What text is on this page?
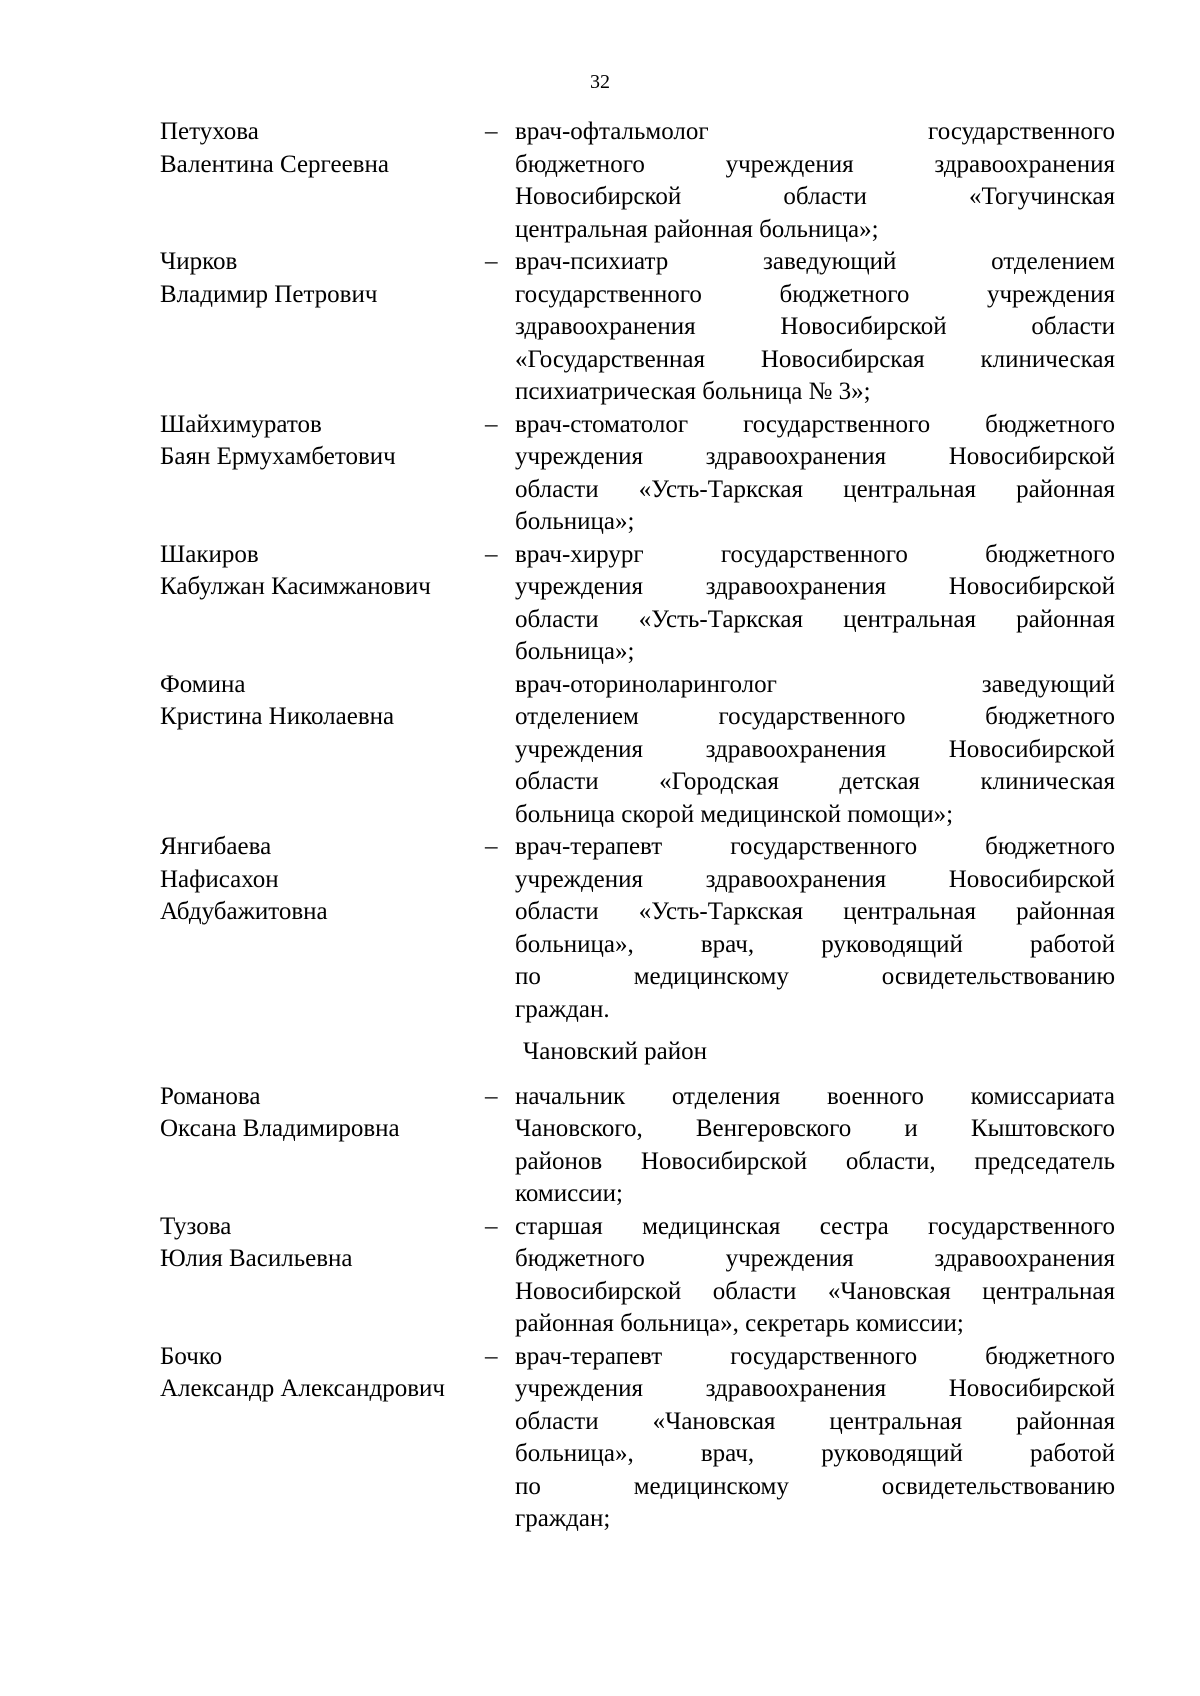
32
Петухова
Валентина Сергеевна
– врач-офтальмолог государственного
бюджетного учреждения здравоохранения
Новосибирской области «Тогучинская
центральная районная больница»;
Чирков
Владимир Петрович
– врач-психиатр заведующий отделением
государственного бюджетного учреждения
здравоохранения Новосибирской области
«Государственная Новосибирская клиническая
психиатрическая больница № 3»;
Шайхимуратов
Баян Ермухамбетович
– врач-стоматолог государственного бюджетного
учреждения здравоохранения Новосибирской
области «Усть-Таркская центральная районная
больница»;
Шакиров
Кабулжан Касимжанович
– врач-хирург государственного бюджетного
учреждения здравоохранения Новосибирской
области «Усть-Таркская центральная районная
больница»;
Фомина
Кристина Николаевна
врач-оториноларинголог заведующий
отделением государственного бюджетного
учреждения здравоохранения Новосибирской
области «Городская детская клиническая
больница скорой медицинской помощи»;
Янгибаева
Нафисахон
Абдубажитовна
– врач-терапевт государственного бюджетного
учреждения здравоохранения Новосибирской
области «Усть-Таркская центральная районная
больница», врач, руководящий работой
по медицинскому освидетельствованию
граждан.
Чановский район
Романова
Оксана Владимировна
– начальник отделения военного комиссариата
Чановского, Венгеровского и Кыштовского
районов Новосибирской области, председатель
комиссии;
Тузова
Юлия Васильевна
– старшая медицинская сестра государственного
бюджетного учреждения здравоохранения
Новосибирской области «Чановская центральная
районная больница», секретарь комиссии;
Бочко
Александр Александрович
– врач-терапевт государственного бюджетного
учреждения здравоохранения Новосибирской
области «Чановская центральная районная
больница», врач, руководящий работой
по медицинскому освидетельствованию
граждан;
